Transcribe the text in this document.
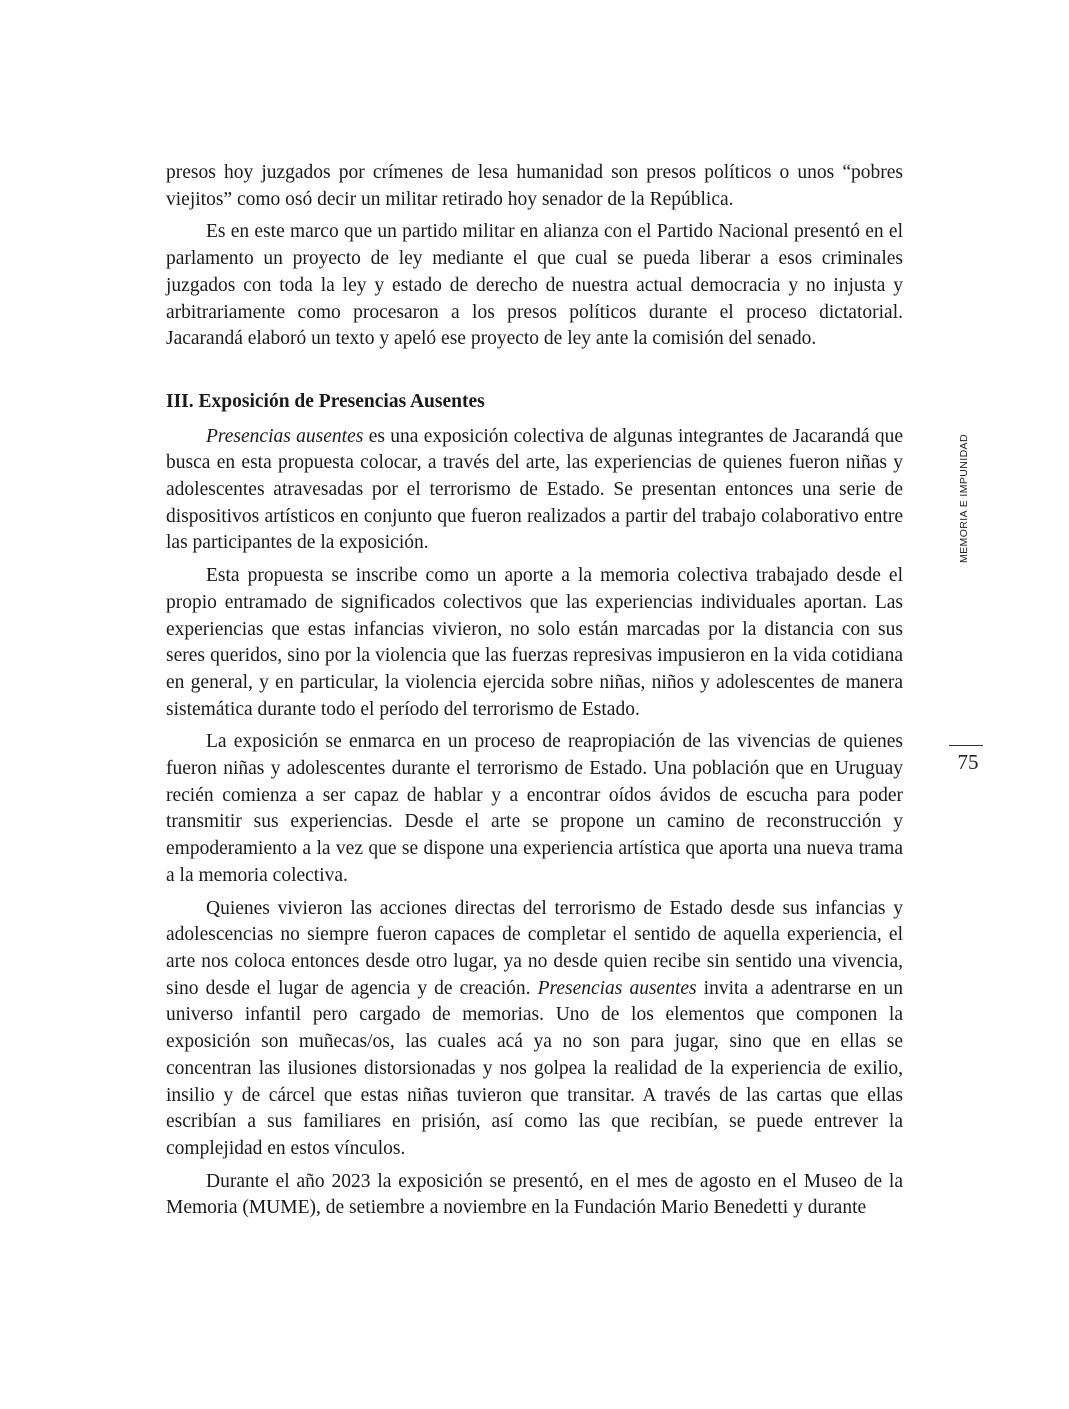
presos hoy juzgados por crímenes de lesa humanidad son presos políticos o unos “pobres viejitos” como osó decir un militar retirado hoy senador de la República.

Es en este marco que un partido militar en alianza con el Partido Nacional presentó en el parlamento un proyecto de ley mediante el que cual se pueda liberar a esos criminales juzgados con toda la ley y estado de derecho de nuestra actual democracia y no injusta y arbitrariamente como procesaron a los presos políticos durante el proceso dictatorial. Jacarandá elaboró un texto y apeló ese proyecto de ley ante la comisión del senado.

III. Exposición de Presencias Ausentes

Presencias ausentes es una exposición colectiva de algunas integrantes de Jacarandá que busca en esta propuesta colocar, a través del arte, las experiencias de quienes fueron niñas y adolescentes atravesadas por el terrorismo de Estado. Se presentan entonces una serie de dispositivos artísticos en conjunto que fueron realizados a partir del trabajo colaborativo entre las participantes de la exposición.

Esta propuesta se inscribe como un aporte a la memoria colectiva trabajado desde el propio entramado de significados colectivos que las experiencias individuales aportan. Las experiencias que estas infancias vivieron, no solo están marcadas por la distancia con sus seres queridos, sino por la violencia que las fuerzas represivas impusieron en la vida cotidiana en general, y en particular, la violencia ejercida sobre niñas, niños y adolescentes de manera sistemática durante todo el período del terrorismo de Estado.

La exposición se enmarca en un proceso de reapropiación de las vivencias de quienes fueron niñas y adolescentes durante el terrorismo de Estado. Una población que en Uruguay recién comienza a ser capaz de hablar y a encontrar oídos ávidos de escucha para poder transmitir sus experiencias. Desde el arte se propone un camino de reconstrucción y empoderamiento a la vez que se dispone una experiencia artística que aporta una nueva trama a la memoria colectiva.

Quienes vivieron las acciones directas del terrorismo de Estado desde sus infancias y adolescencias no siempre fueron capaces de completar el sentido de aquella experiencia, el arte nos coloca entonces desde otro lugar, ya no desde quien recibe sin sentido una vivencia, sino desde el lugar de agencia y de creación. Presencias ausentes invita a adentrarse en un universo infantil pero cargado de memorias. Uno de los elementos que componen la exposición son muñecas/os, las cuales acá ya no son para jugar, sino que en ellas se concentran las ilusiones distorsionadas y nos golpea la realidad de la experiencia de exilio, insilio y de cárcel que estas niñas tuvieron que transitar. A través de las cartas que ellas escribían a sus familiares en prisión, así como las que recibían, se puede entrever la complejidad en estos vínculos.

Durante el año 2023 la exposición se presentó, en el mes de agosto en el Museo de la Memoria (MUME), de setiembre a noviembre en la Fundación Mario Benedetti y durante

MEMORIA E IMPUNIDAD
75
